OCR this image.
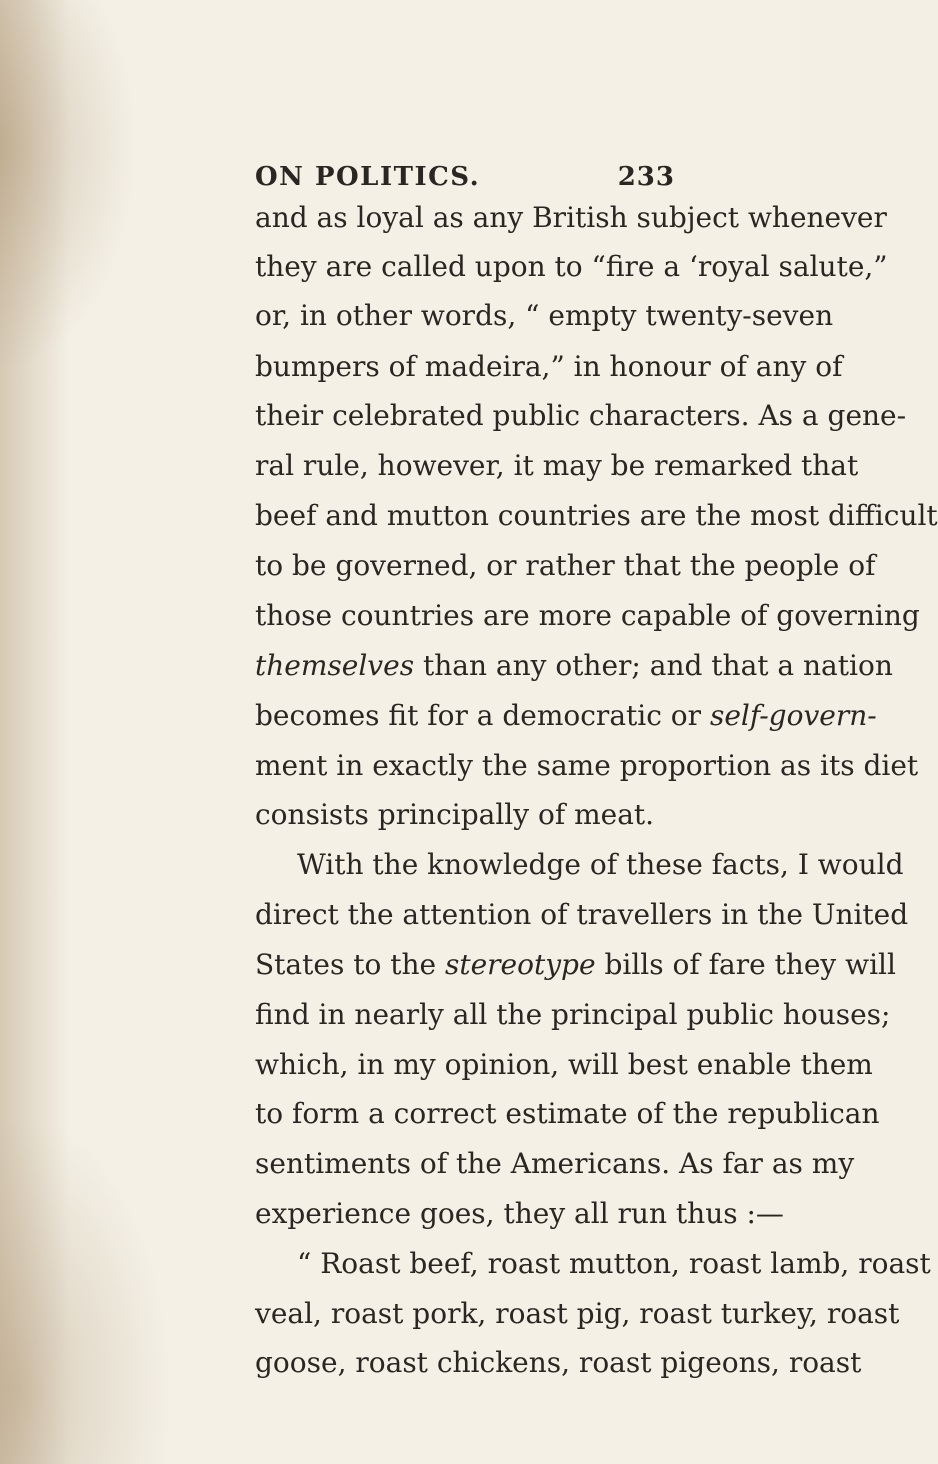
ON POLITICS.	233
and as loyal as any British subject whenever
they are called upon to “fire a ‘royal salute,”
or, in other words, “ empty twenty-seven
bumpers of madeira,” in honour of any of
their celebrated public characters. As a gene-
ral rule, however, it may be remarked that
beef and mutton countries are the most difficult
to be governed, or rather that the people of
those countries are more capable of governing
themselves than any other; and that a nation
becomes fit for a democratic or self-govern-
ment in exactly the same proportion as its diet
consists principally of meat.
With the knowledge of these facts, I would
direct the attention of travellers in the United
States to the stereotype bills of fare they will
find in nearly all the principal public houses;
which, in my opinion, will best enable them
to form a correct estimate of the republican
sentiments of the Americans. As far as my
experience goes, they all run thus :—
“ Roast beef, roast mutton, roast lamb, roast
veal, roast pork, roast pig, roast turkey, roast
goose, roast chickens, roast pigeons, roast
